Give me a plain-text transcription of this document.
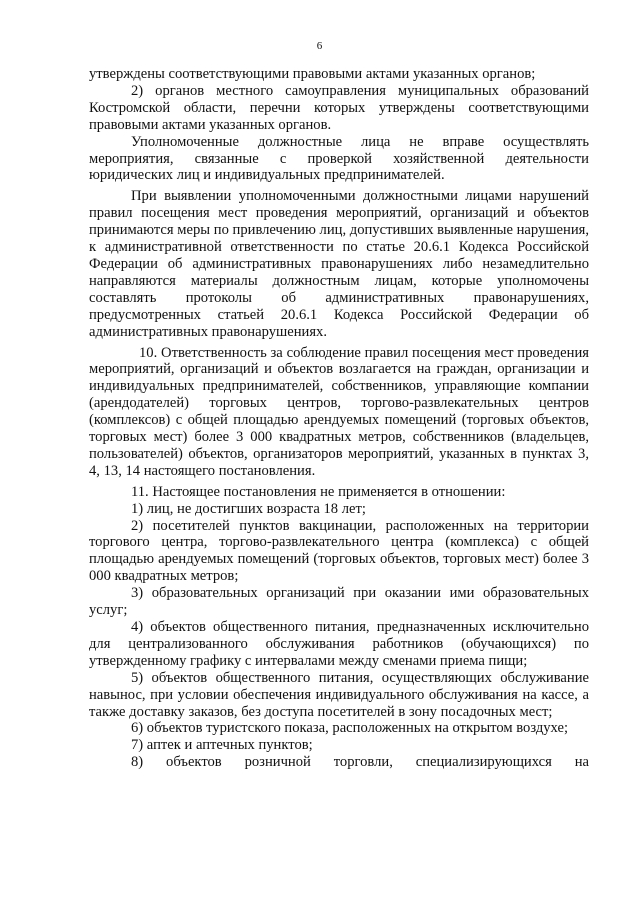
6

утверждены соответствующими правовыми актами указанных органов;

2) органов местного самоуправления муниципальных образований Костромской области, перечни которых утверждены соответствующими правовыми актами указанных органов.

Уполномоченные должностные лица не вправе осуществлять мероприятия, связанные с проверкой хозяйственной деятельности юридических лиц и индивидуальных предпринимателей.

При выявлении уполномоченными должностными лицами нарушений правил посещения мест проведения мероприятий, организаций и объектов принимаются меры по привлечению лиц, допустивших выявленные нарушения, к административной ответственности по статье 20.6.1 Кодекса Российской Федерации об административных правонарушениях либо незамедлительно направляются материалы должностным лицам, которые уполномочены составлять протоколы об административных правонарушениях, предусмотренных статьей 20.6.1 Кодекса Российской Федерации об административных правонарушениях.

10. Ответственность за соблюдение правил посещения мест проведения мероприятий, организаций и объектов возлагается на граждан, организации и индивидуальных предпринимателей, собственников, управляющие компании (арендодателей) торговых центров, торгово-развлекательных центров (комплексов) с общей площадью арендуемых помещений (торговых объектов, торговых мест) более 3 000 квадратных метров, собственников (владельцев, пользователей) объектов, организаторов мероприятий, указанных в пунктах 3, 4, 13, 14 настоящего постановления.

11. Настоящее постановления не применяется в отношении:

1) лиц, не достигших возраста 18 лет;

2) посетителей пунктов вакцинации, расположенных на территории торгового центра, торгово-развлекательного центра (комплекса) с общей площадью арендуемых помещений (торговых объектов, торговых мест) более 3 000 квадратных метров;

3) образовательных организаций при оказании ими образовательных услуг;

4) объектов общественного питания, предназначенных исключительно для централизованного обслуживания работников (обучающихся) по утвержденному графику с интервалами между сменами приема пищи;

5) объектов общественного питания, осуществляющих обслуживание навынос, при условии обеспечения индивидуального обслуживания на кассе, а также доставку заказов, без доступа посетителей в зону посадочных мест;

6) объектов туристского показа, расположенных на открытом воздухе;

7) аптек и аптечных пунктов;

8) объектов розничной торговли, специализирующихся на
